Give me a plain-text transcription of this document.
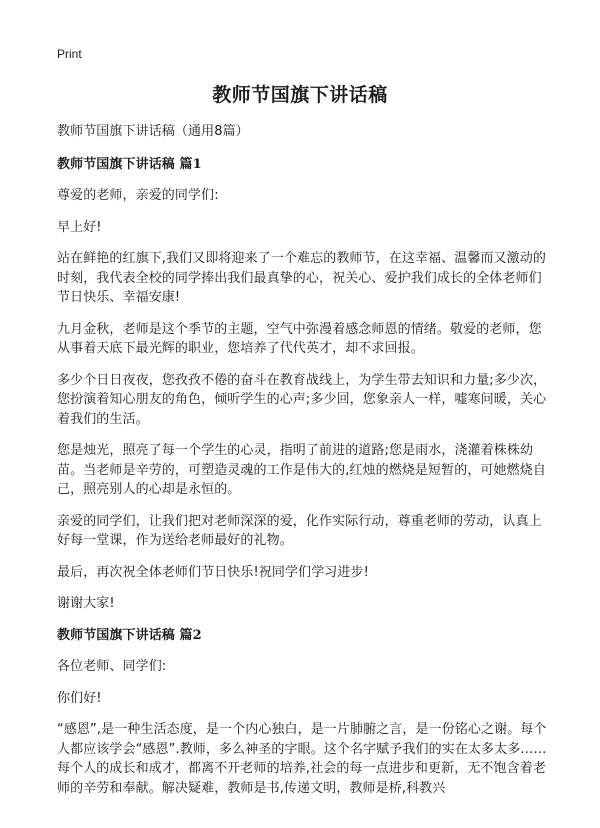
Print
教师节国旗下讲话稿

教师节国旗下讲话稿（通用8篇）

教师节国旗下讲话稿 篇1

尊爱的老师，亲爱的同学们:

早上好!

站在鲜艳的红旗下,我们又即将迎来了一个难忘的教师节，在这幸福、温馨而又激动的时刻，我代表全校的同学捧出我们最真挚的心，祝关心、爱护我们成长的全体老师们节日快乐、幸福安康!

九月金秋，老师是这个季节的主题，空气中弥漫着感念师恩的情绪。敬爱的老师，您从事着天底下最光辉的职业，您培养了代代英才，却不求回报。

多少个日日夜夜，您孜孜不倦的奋斗在教育战线上，为学生带去知识和力量;多少次，您扮演着知心朋友的角色，倾听学生的心声;多少回，您象亲人一样，嘘寒问暖，关心着我们的生活。

您是烛光，照亮了每一个学生的心灵，指明了前进的道路;您是雨水，浇灌着株株幼苗。当老师是辛劳的，可塑造灵魂的工作是伟大的,红烛的燃烧是短暂的，可她燃烧自己，照亮别人的心却是永恒的。

亲爱的同学们，让我们把对老师深深的爱，化作实际行动，尊重老师的劳动，认真上好每一堂课，作为送给老师最好的礼物。

最后，再次祝全体老师们节日快乐!祝同学们学习进步!

谢谢大家!

教师节国旗下讲话稿 篇2

各位老师、同学们:

你们好!

“感恩”,是一种生活态度，是一个内心独白，是一片肺腑之言，是一份铭心之谢。每个人都应该学会“感恩”.教师，多么神圣的字眼。这个名字赋予我们的实在太多太多……每个人的成长和成才，都离不开老师的培养,社会的每一点进步和更新，无不饱含着老师的辛劳和奉献。解决疑难，教师是书,传递文明，教师是桥,科教兴
